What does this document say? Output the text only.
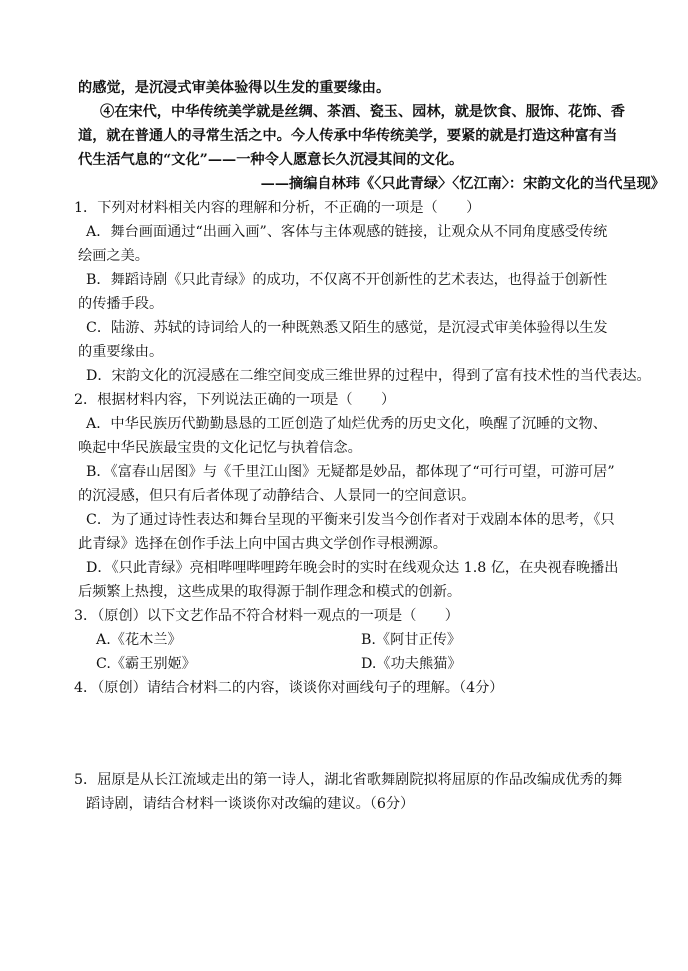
的感觉，是沉浸式审美体验得以生发的重要缘由。
④在宋代，中华传统美学就是丝绸、茶酒、瓷玉、园林，就是饮食、服饰、花饰、香
道，就在普通人的寻常生活之中。今人传承中华传统美学，要紧的就是打造这种富有当
代生活气息的“文化”——一种令人愿意长久沉浸其间的文化。
——摘编自林玮《〈只此青绿〉〈忆江南〉：宋韵文化的当代呈现》
1．下列对材料相关内容的理解和分析，不正确的一项是（　　）
A．舞台画面通过“出画入画”、客体与主体观感的链接，让观众从不同角度感受传统
绘画之美。
B．舞蹈诗剧《只此青绿》的成功，不仅离不开创新性的艺术表达，也得益于创新性
的传播手段。
C．陆游、苏轼的诗词给人的一种既熟悉又陌生的感觉，是沉浸式审美体验得以生发
的重要缘由。
D．宋韵文化的沉浸感在二维空间变成三维世界的过程中，得到了富有技术性的当代表达。
2．根据材料内容，下列说法正确的一项是（　　）
A．中华民族历代勤勤恳恳的工匠创造了灿烂优秀的历史文化，唤醒了沉睡的文物、
唤起中华民族最宝贵的文化记忆与执着信念。
B．《富春山居图》与《千里江山图》无疑都是妙品，都体现了“可行可望，可游可居”
的沉浸感，但只有后者体现了动静结合、人景同一的空间意识。
C．为了通过诗性表达和舞台呈现的平衡来引发当今创作者对于戏剧本体的思考，《只
此青绿》选择在创作手法上向中国古典文学创作寻根溯源。
D．《只此青绿》亮相哔哩哔哩跨年晚会时的实时在线观众达 1.8 亿，在央视春晚播出
后频繁上热搜，这些成果的取得源于制作理念和模式的创新。
3．（原创）以下文艺作品不符合材料一观点的一项是（　　）
A.《花木兰》	B.《阿甘正传》
C.《霸王别姬》	D.《功夫熊猫》
4．（原创）请结合材料二的内容，谈谈你对画线句子的理解。（4分）
5．屈原是从长江流域走出的第一诗人，湖北省歌舞剧院拟将屈原的作品改编成优秀的舞
蹈诗剧，请结合材料一谈谈你对改编的建议。（6分）
